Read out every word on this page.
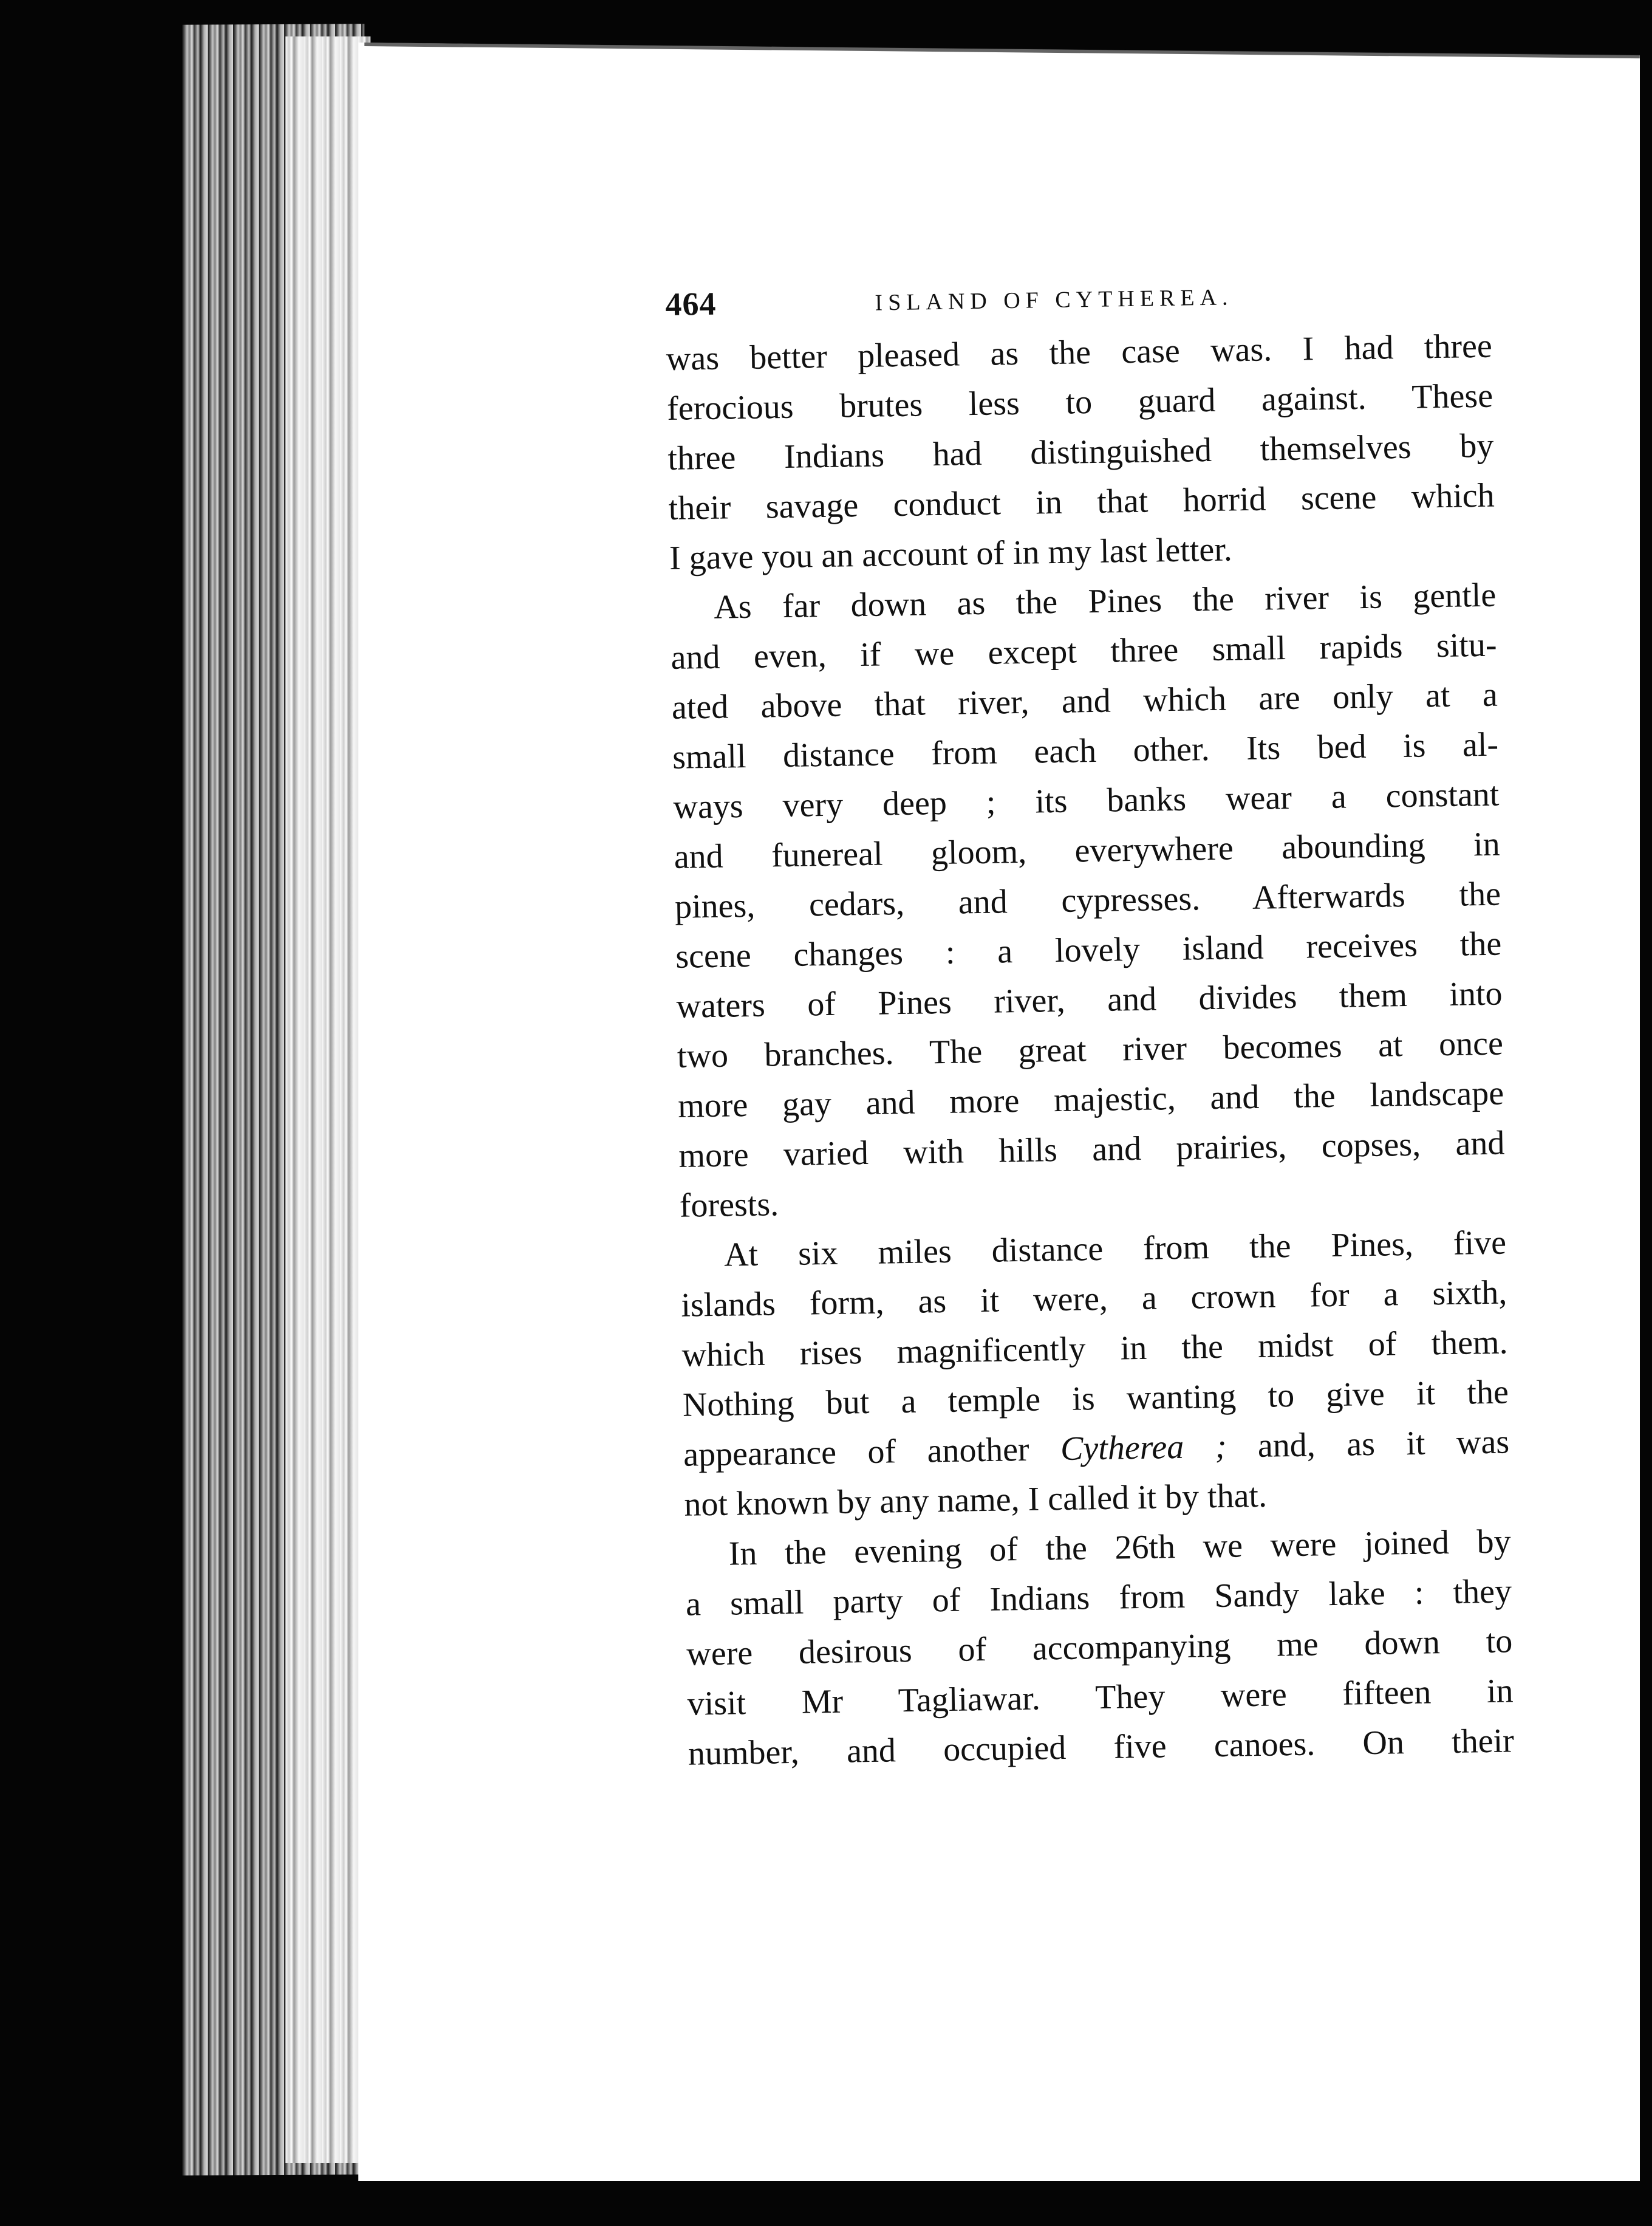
464	ISLAND OF CYTHEREA.
was better pleased as the case was. I had three
ferocious brutes less to guard against. These
three Indians had distinguished themselves by
their savage conduct in that horrid scene which
I gave you an account of in my last letter.
As far down as the Pines the river is gentle
and even, if we except three small rapids situ-
ated above that river, and which are only at a
small distance from each other. Its bed is al-
ways very deep ; its banks wear a constant
and funereal gloom, everywhere abounding in
pines, cedars, and cypresses. Afterwards the
scene changes : a lovely island receives the
waters of Pines river, and divides them into
two branches. The great river becomes at once
more gay and more majestic, and the landscape
more varied with hills and prairies, copses, and
forests.
At six miles distance from the Pines, five
islands form, as it were, a crown for a sixth,
which rises magnificently in the midst of them.
Nothing but a temple is wanting to give it the
appearance of another Cytherea ; and, as it was
not known by any name, I called it by that.
In the evening of the 26th we were joined by
a small party of Indians from Sandy lake : they
were desirous of accompanying me down to
visit Mr Tagliawar. They were fifteen in
number, and occupied five canoes. On their
